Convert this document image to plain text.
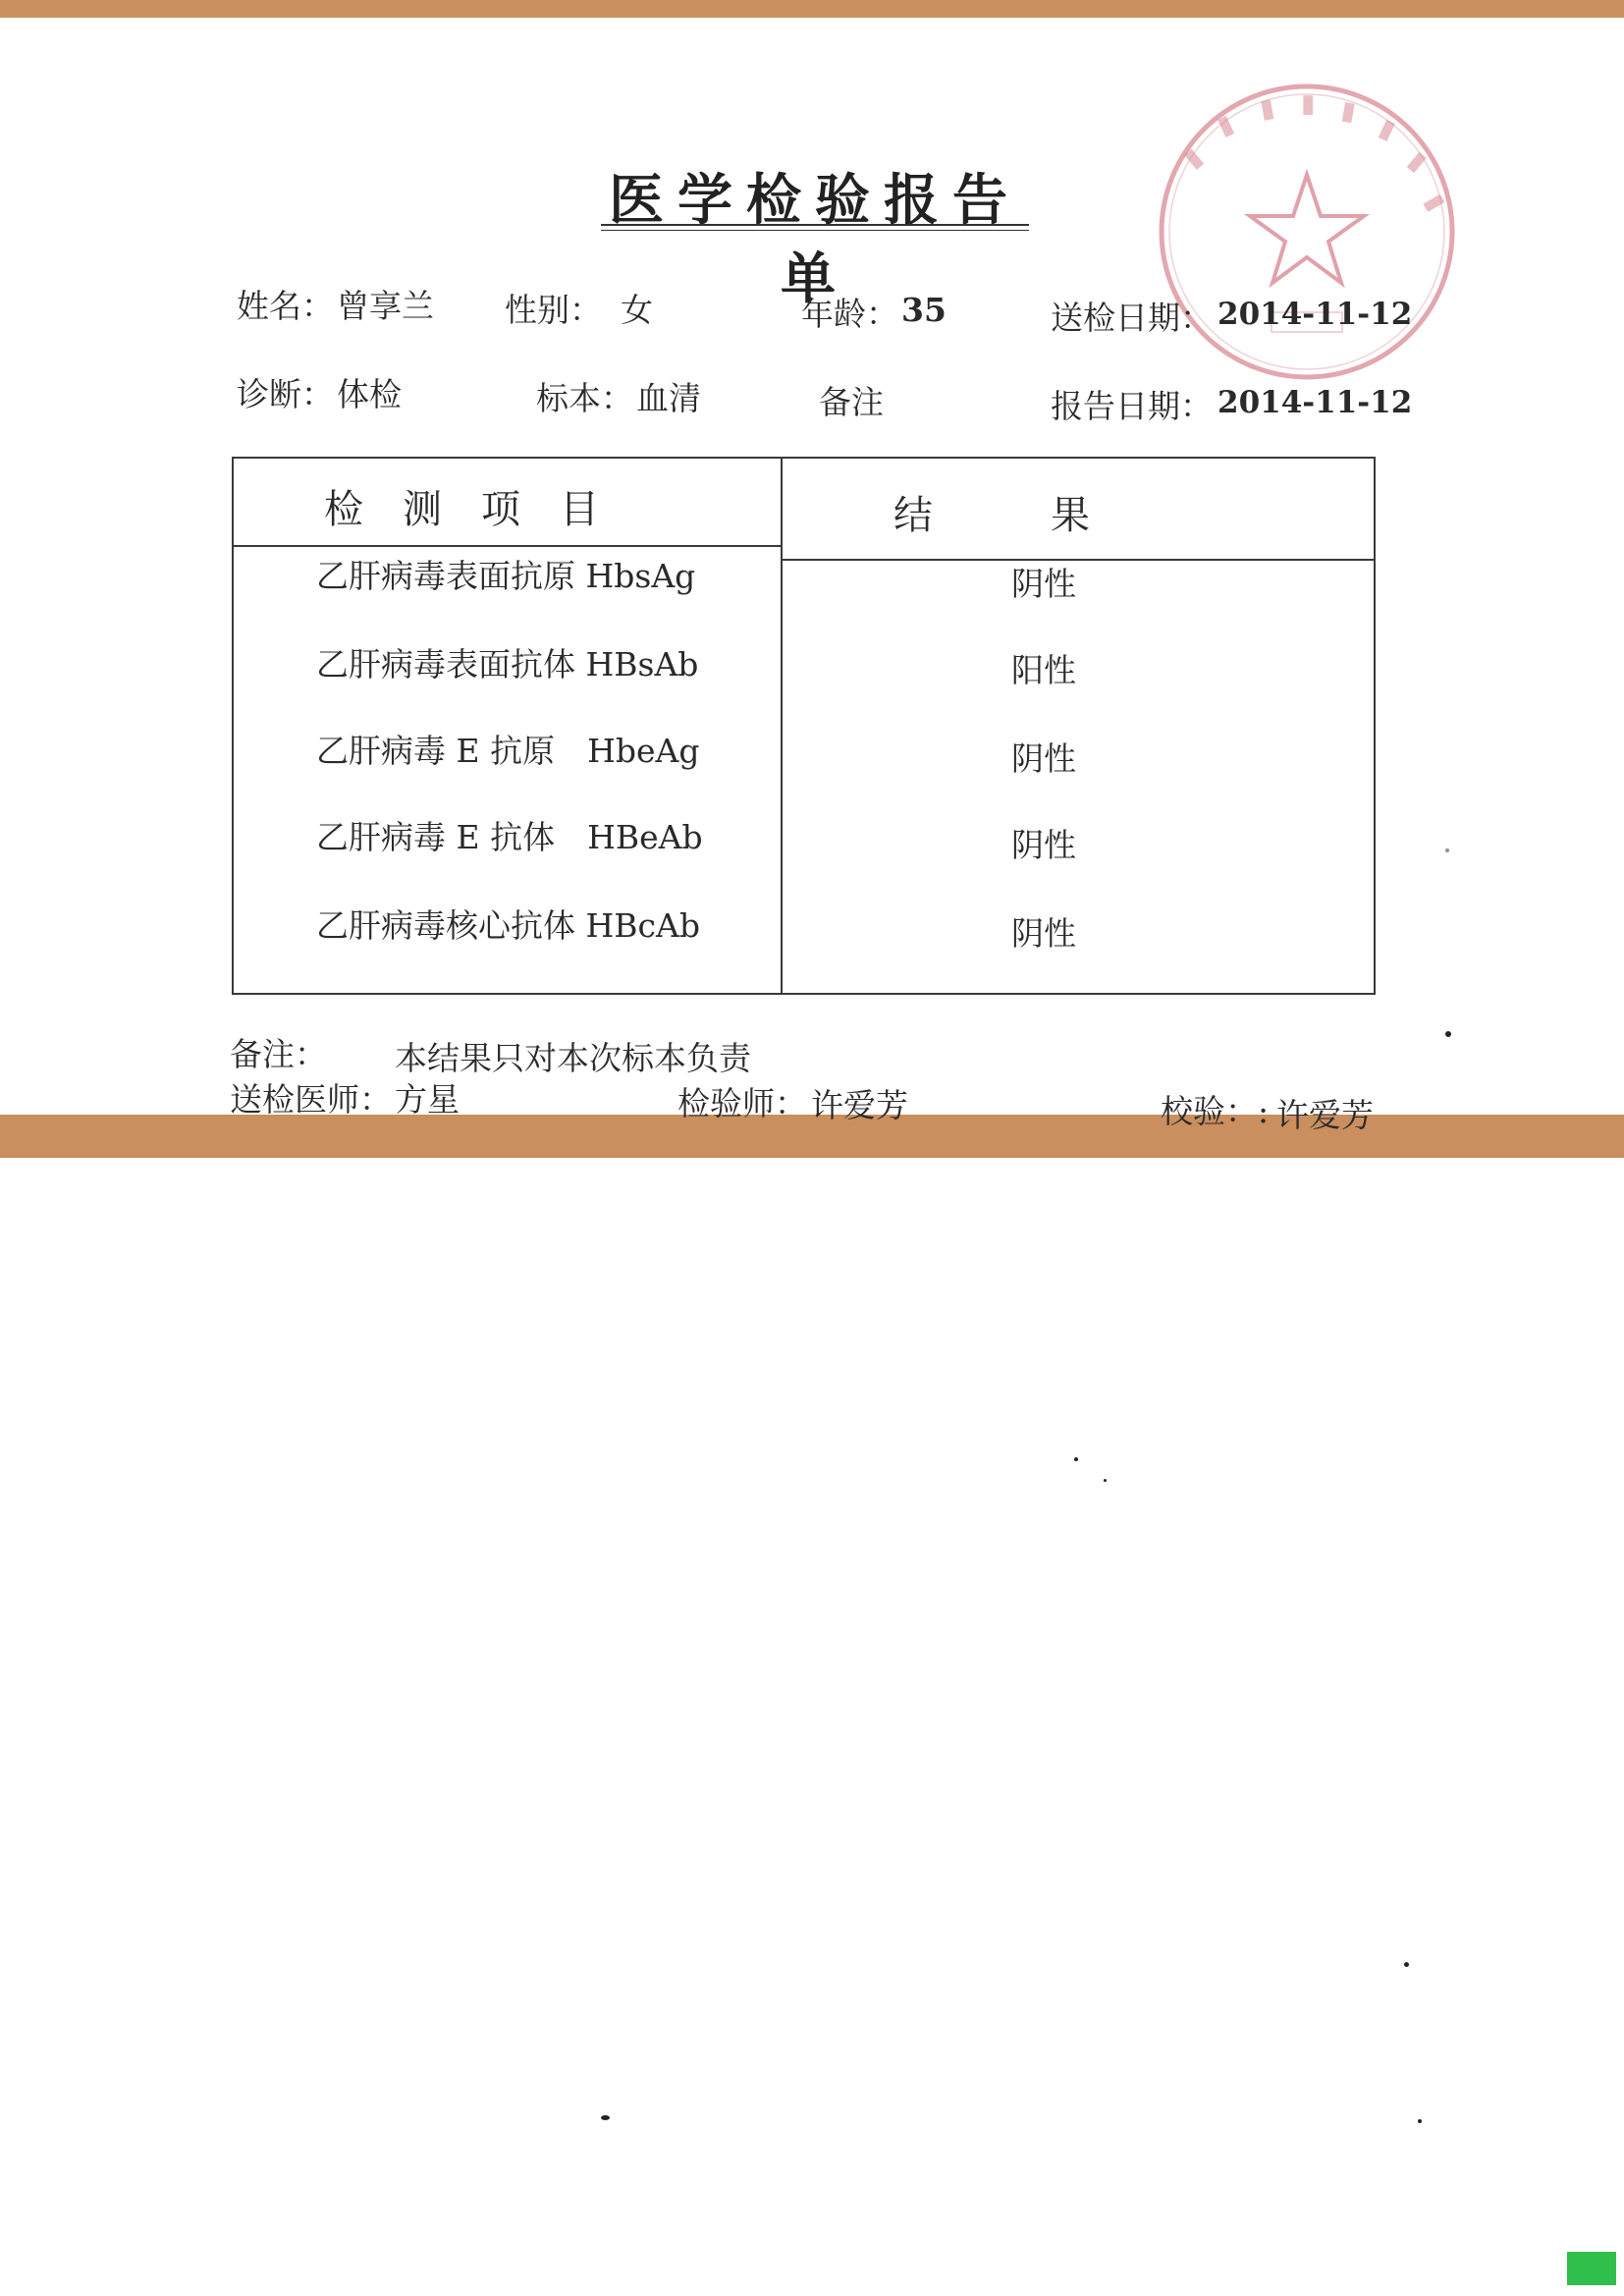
▮
▮
▮ ▮ ▮
▮
▮
▮
医学检验报告单
姓名： 曾享兰 性别： 女	年龄： 35	送检日期： 2014-11-12
诊断： 体检	标本： 血清	备注	报告日期： 2014-11-12
检　测　项　目	结　　　果
乙肝病毒表面抗原 HbsAg	阴性
乙肝病毒表面抗体 HBsAb	阳性
乙肝病毒 E 抗原　HbeAg	阴性
乙肝病毒 E 抗体　HBeAb	阴性
乙肝病毒核心抗体 HBcAb	阴性
备注： 本结果只对本次标本负责
送检医师： 方星	检验师： 许爱芳	校验：: 许爱芳
